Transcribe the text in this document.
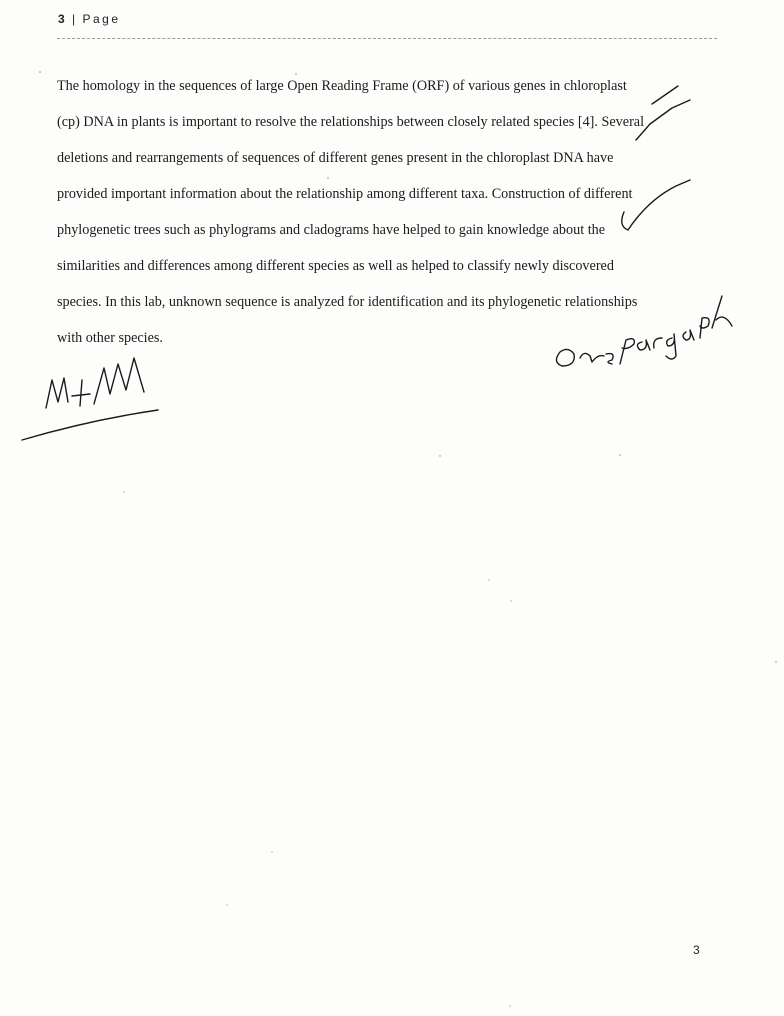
3 | Page
The homology in the sequences of large Open Reading Frame (ORF) of various genes in chloroplast
(cp) DNA in plants is important to resolve the relationships between closely related species [4]. Several
deletions and rearrangements of sequences of different genes present in the chloroplast DNA have
provided important information about the relationship among different taxa. Construction of different
phylogenetic trees such as phylograms and cladograms have helped to gain knowledge about the
similarities and differences among different species as well as helped to classify newly discovered
species. In this lab, unknown sequence is analyzed for identification and its phylogenetic relationships
with other species.
3
